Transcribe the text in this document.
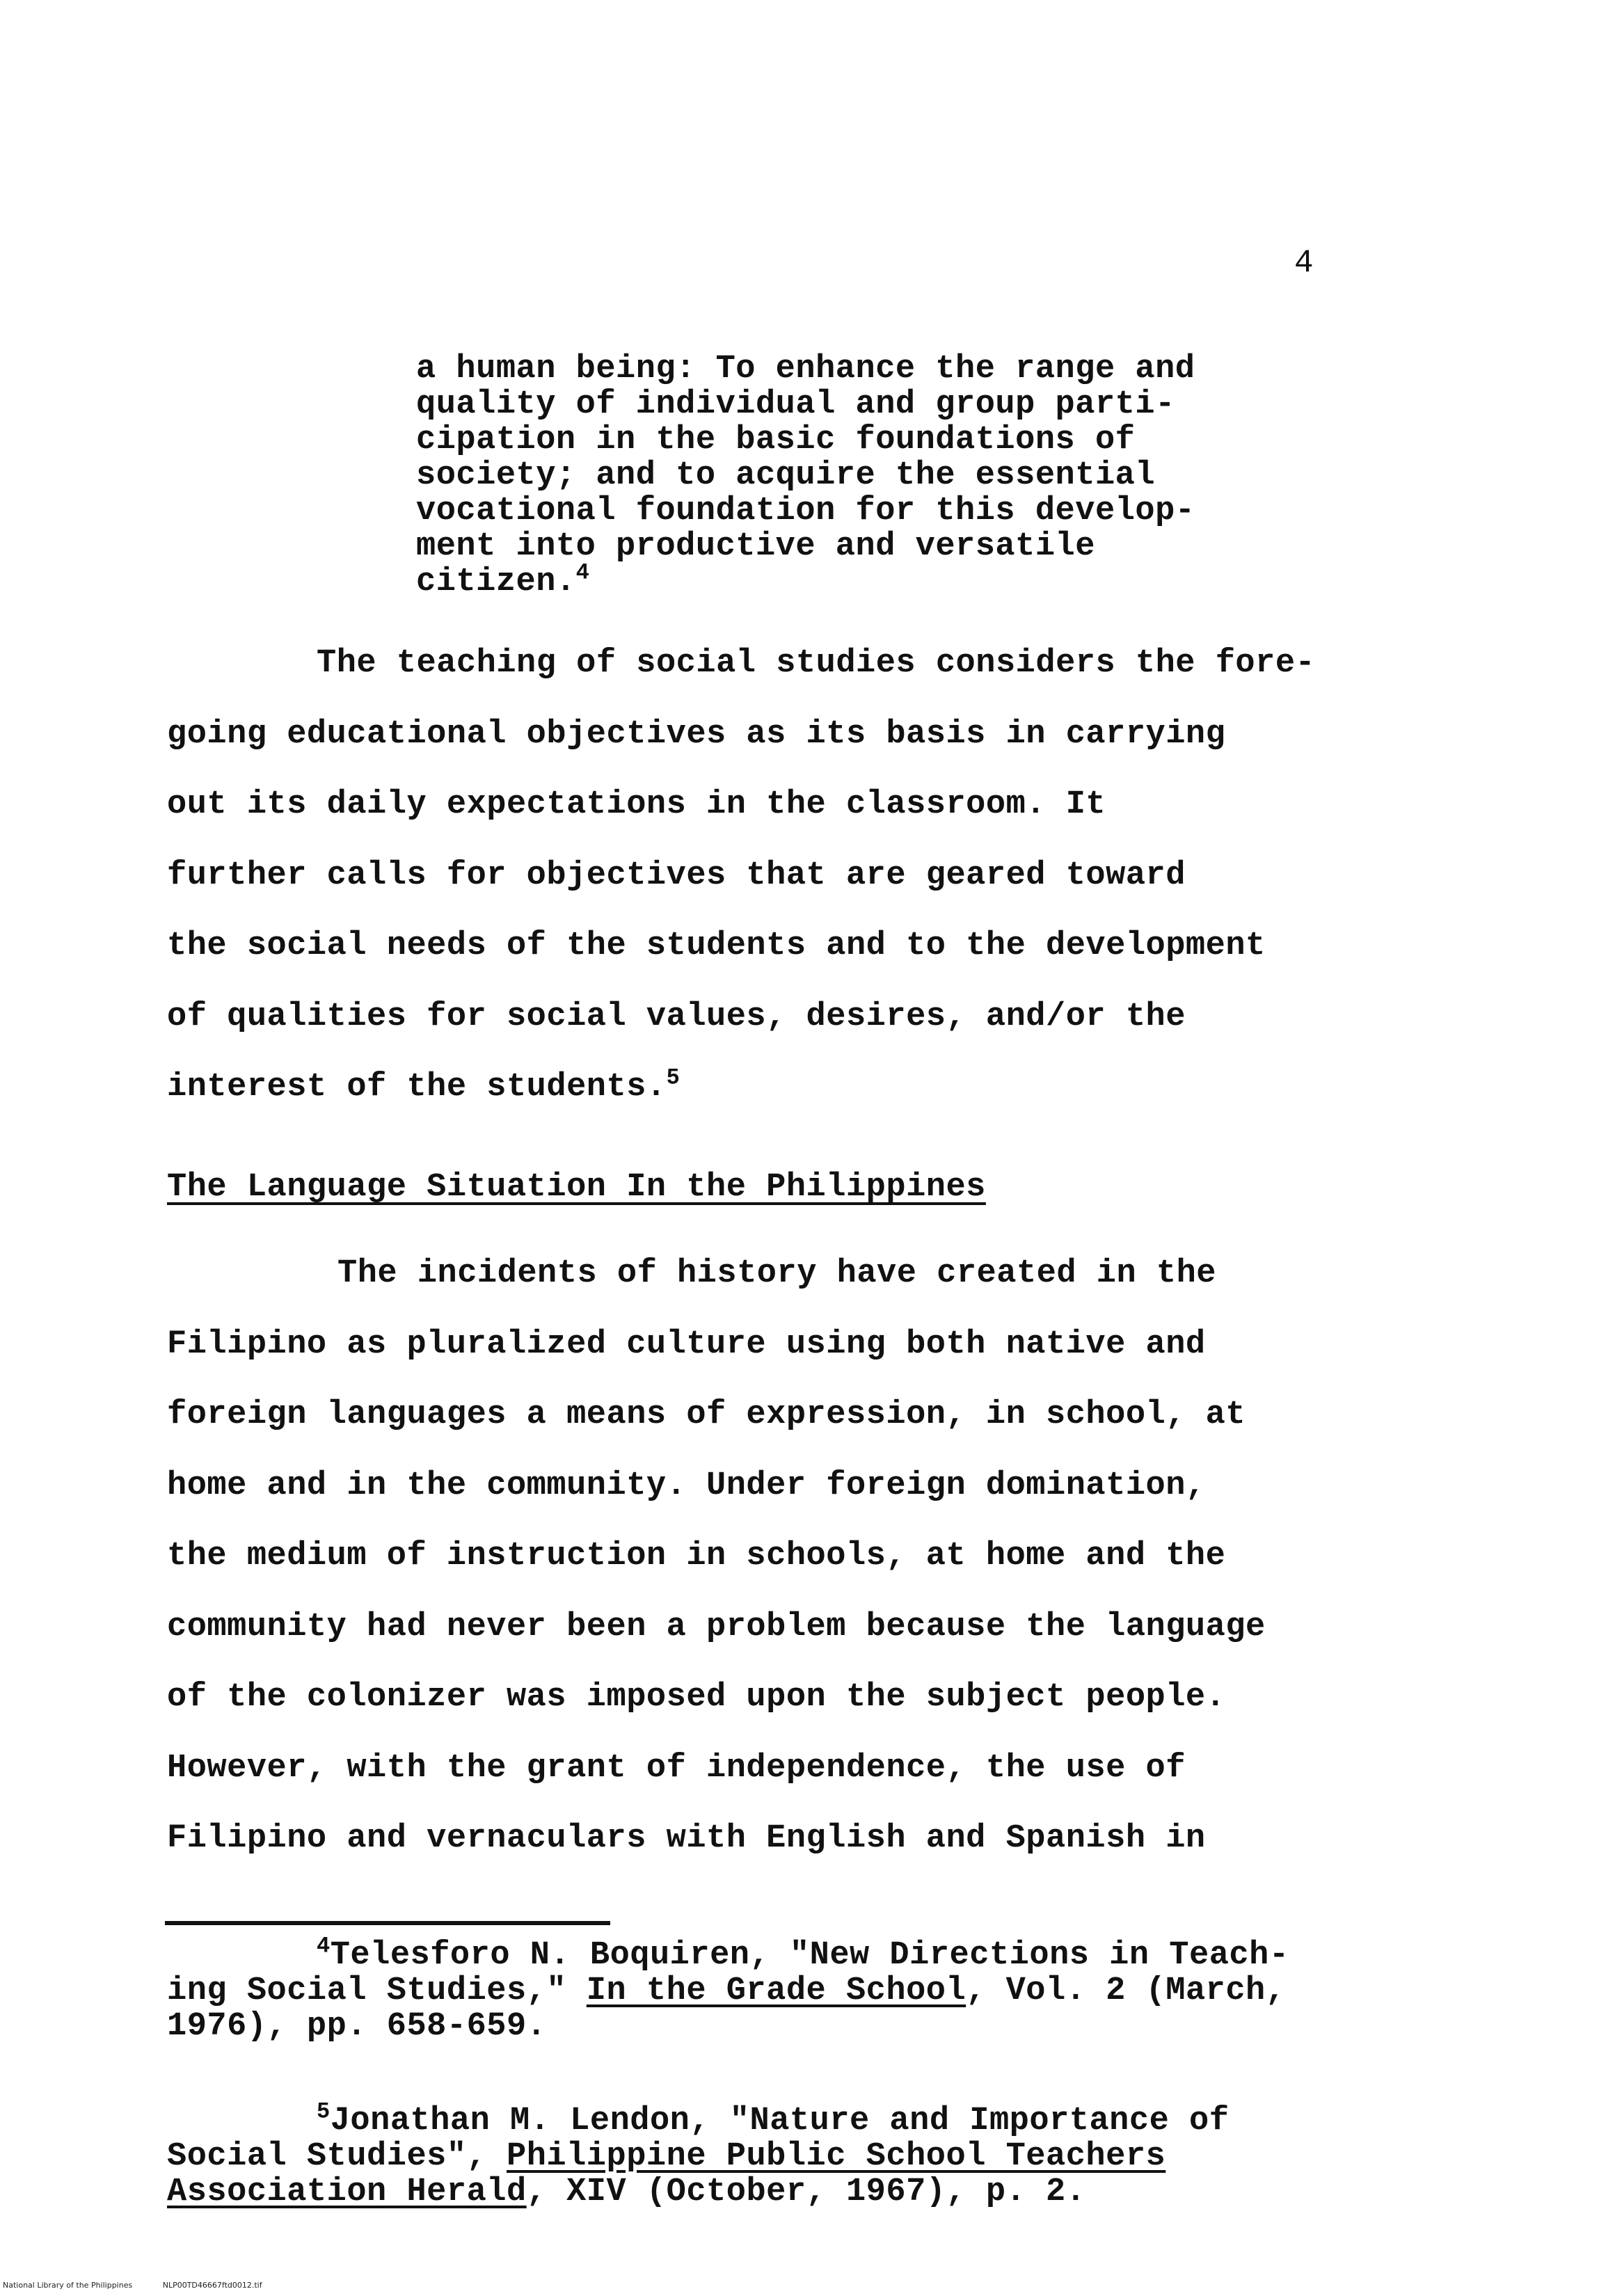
4
a human being: To enhance the range and
quality of individual and group parti-
cipation in the basic foundations of
society; and to acquire the essential
vocational foundation for this develop-
ment into productive and versatile
citizen.$^4$
The teaching of social studies considers the fore-
going educational objectives as its basis in carrying
out its daily expectations in the classroom. It
further calls for objectives that are geared toward
the social needs of the students and to the development
of qualities for social values, desires, and/or the
interest of the students.$^5$
The Language Situation In the Philippines
The incidents of history have created in the
Filipino as pluralized culture using both native and
foreign languages a means of expression, in school, at
home and in the community. Under foreign domination,
the medium of instruction in schools, at home and the
community had never been a problem because the language
of the colonizer was imposed upon the subject people.
However, with the grant of independence, the use of
Filipino and vernaculars with English and Spanish in
$^4$Telesforo N. Boquiren, "New Directions in Teach-
ing Social Studies," In the Grade School, Vol. 2 (March,
1976), pp. 658-659.
$^5$Jonathan M. Lendon, "Nature and Importance of
Social Studies", Philippine Public School Teachers
Association Herald, XIV (October, 1967), p. 2.
National Library of the Philippines	NLP00TD46667ftd0012.tif
